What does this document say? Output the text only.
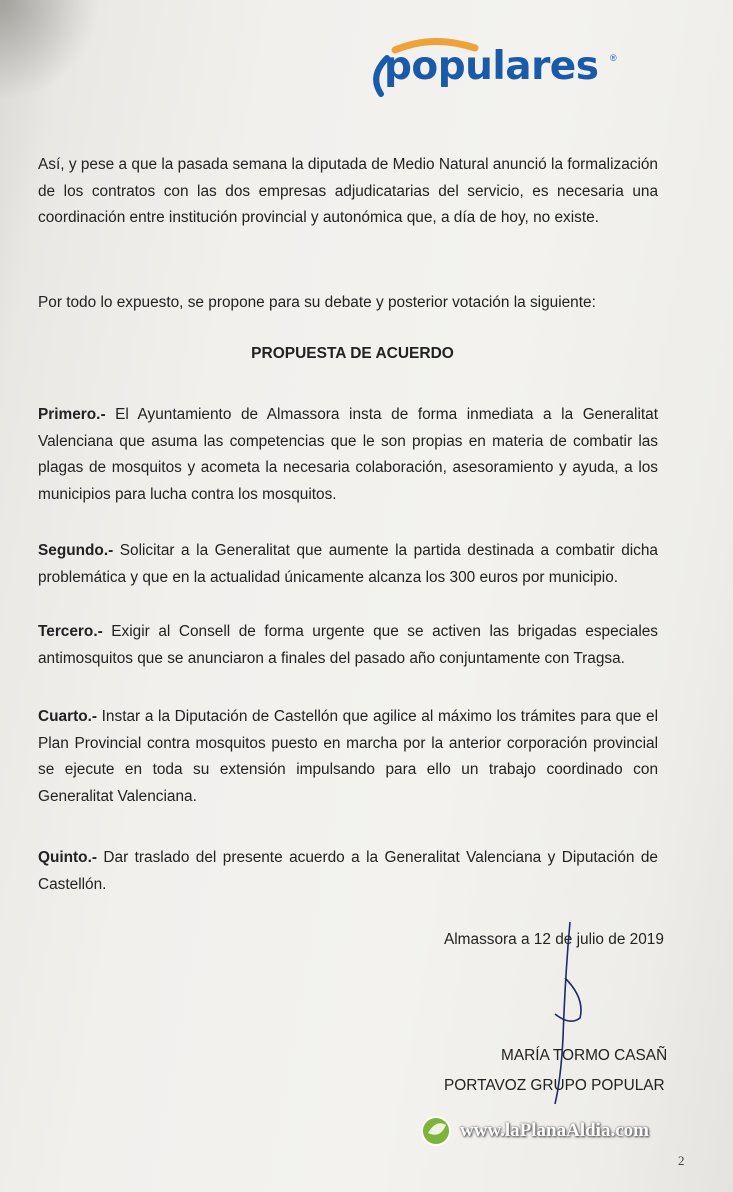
populares ®

Así, y pese a que la pasada semana la diputada de Medio Natural anunció la formalización de los contratos con las dos empresas adjudicatarias del servicio, es necesaria una coordinación entre institución provincial y autonómica que, a día de hoy, no existe.

Por todo lo expuesto, se propone para su debate y posterior votación la siguiente:

PROPUESTA DE ACUERDO

Primero.- El Ayuntamiento de Almassora insta de forma inmediata a la Generalitat Valenciana que asuma las competencias que le son propias en materia de combatir las plagas de mosquitos y acometa la necesaria colaboración, asesoramiento y ayuda, a los municipios para lucha contra los mosquitos.

Segundo.- Solicitar a la Generalitat que aumente la partida destinada a combatir dicha problemática y que en la actualidad únicamente alcanza los 300 euros por municipio.

Tercero.- Exigir al Consell de forma urgente que se activen las brigadas especiales antimosquitos que se anunciaron a finales del pasado año conjuntamente con Tragsa.

Cuarto.- Instar a la Diputación de Castellón que agilice al máximo los trámites para que el Plan Provincial contra mosquitos puesto en marcha por la anterior corporación provincial se ejecute en toda su extensión impulsando para ello un trabajo coordinado con Generalitat Valenciana.

Quinto.- Dar traslado del presente acuerdo a la Generalitat Valenciana y Diputación de Castellón.

Almassora a 12 de julio de 2019
MARÍA TORMO CASAÑ
PORTAVOZ GRUPO POPULAR
www.laPlanaAldia.com
2
